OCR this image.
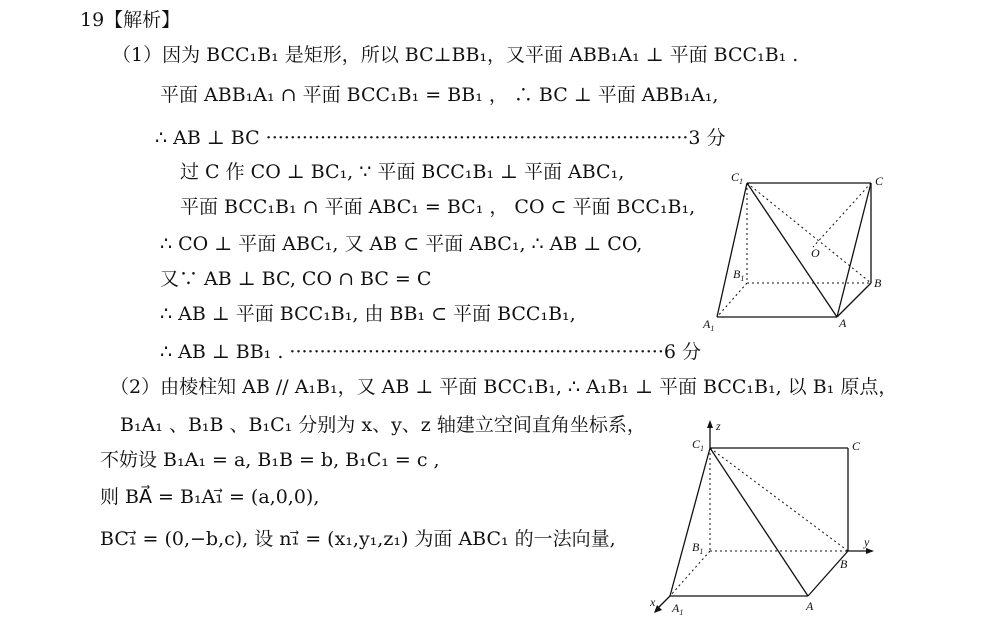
19【解析】
（1）因为 BCC₁B₁ 是矩形，所以 BC⊥BB₁，又平面 ABB₁A₁ ⊥ 平面 BCC₁B₁ .
平面 ABB₁A₁ ∩ 平面 BCC₁B₁ = BB₁ ， ∴ BC ⊥ 平面 ABB₁A₁,
∴ AB ⊥ BC ······································································3 分
过 C 作 CO ⊥ BC₁, ∵ 平面 BCC₁B₁ ⊥ 平面 ABC₁,
平面 BCC₁B₁ ∩ 平面 ABC₁ = BC₁ ， CO ⊂ 平面 BCC₁B₁,
∴ CO ⊥ 平面 ABC₁, 又 AB ⊂ 平面 ABC₁, ∴ AB ⊥ CO,
又∵ AB ⊥ BC, CO ∩ BC = C
∴ AB ⊥ 平面 BCC₁B₁, 由 BB₁ ⊂ 平面 BCC₁B₁,
∴ AB ⊥ BB₁ . ······························································6 分
（2）由棱柱知 AB // A₁B₁，又 AB ⊥ 平面 BCC₁B₁, ∴ A₁B₁ ⊥ 平面 BCC₁B₁, 以 B₁ 原点，
B₁A₁ 、B₁B 、B₁C₁ 分别为 x、y、z 轴建立空间直角坐标系，
不妨设 B₁A₁ = a, B₁B = b, B₁C₁ = c ,
则 BA⃗ = B₁A₁⃗ = (a,0,0),
BC₁⃗ = (0,−b,c), 设 n₁⃗ = (x₁,y₁,z₁) 为面 ABC₁ 的一法向量,
$C_1$	C
O
$B_1$	B
$A_1$	A
$C_1$
z
C
$B_1$
y
B
x $A_1$	A
